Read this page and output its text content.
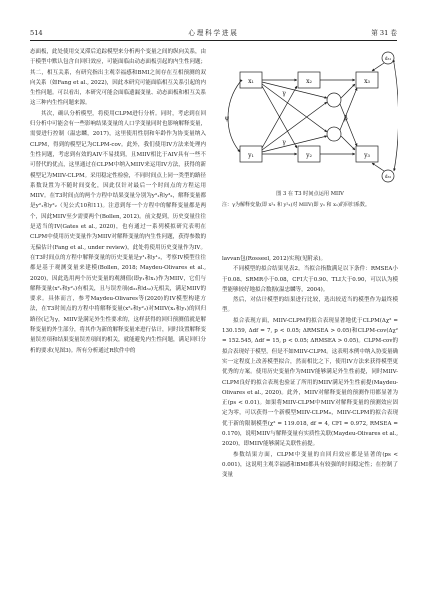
514	心理科学进展	第 31 卷

态面板，此处使用交叉滞后追踪模型来分析两个变量之间的纵向关系，由于模型中默认包含自回归效应，可能面临由动态面板引起的内生性问题；其二，相互关系，有研究指出主观幸福感和BMI之间存在互相预测的双向关系（如Fang et al., 2022)，因此本研究可能面临相互关系引起的内生性问题。可以看出，本研究可能会面临遗漏变量、动态面板和相互关系这三种内生性问题来源。

其次，确认分析模型，将使用CLPM进行分析。同时，考虑到在回归分析中可能会有一些影响结果变量的人口学变量同时也影响解释变量，需要进行控制（温忠麟，2017)，这里使用性别和年龄作为协变量纳入CLPM，得到的模型记为CLPM-cov。此外，我们使用IV方法来处理内生性问题，考虑到有效的AIV不易找到，且MIIV相比于AIV具有一些不可替代的优点，这里通过在CLPM中纳入MIIV来运用IV方法，获得的新模型记为MIIV-CLPM。采用稳定性检验，不同时间点上同一类型的路径系数设置为不随时间变化，因此仅针对最后一个时间点的方程运用MIIV。在T3时间点的两个方程中结果变量分别为y³₁和y³₂，解释变量都是y²₁和y²₂（见公式10和11)。注意到每一个方程中的解释变量都是两个，因此MIIV至少需要两个(Bollen, 2012)。前文提到，历史变量往往是适当的IV(Gates et al., 2020)，也有通过一系列模拟研究表明在CLPM中使用历史变量作为MIIV对解释变量的内生性问题，获得参数的无偏估计(Fang et al., under review)，此处将使用历史变量作为IV。在T3时间点的方程中解释变量的历史变量是y¹₁和y¹₂，考察IV模型往往都是基于观测变量来建模(Bollen, 2018; Maydeu-Olivares et al., 2020)，因此选用两个历史变量的观测值(即y₁和x₁)作为MIIV，它们与解释变量(x²₁和y²₁)有相关，且与误差项(d₃₁和d₃₂)无相关，满足MIIV的要求。具体而言，参考Maydeu-Olivares等(2020)的IV模型构建方法，在T3时间点的方程中将解释变量(x²₂和y²₂)对MIIV(x₁和y₁)的回归路径(记为γ，MIIV是满足外生性要求的，这样获得的回归预测值就是解释变量的外生部分，将其作为新的解释变量来进行估计，同时设置解释变量误差项和结果变量误差项间的相关，就能避免内生性问题，满足回归分析的要求(见图3)。所有分析通过R软件中的

x₁	x₂	x₃
y₁	y₂	y₃
ψ
γ
γ
β
d₃₁
d₃₂
图 3 在 T3 时间点运用 MIIV
注：γ为解释变量(即 x²₂ 和 y²₂)对 MIIV(即 y₁ 和 x₁)的回归系数。

lavvan包(Rosseel, 2012)实现(见附录)。

不同模型的拟合结果见表2。当拟合指数满足以下条件：RMSEA小于0.08、SRMR小于0.08，CFI大于0.90、TLI大于0.90，可以认为模型能够较好地拟合数据(温忠麟等，2004)。

然后，对估计模型的结果进行比较，选出较适当的模型作为最终模型。

拟合表现方面，MIIV-CLPM的拟合表现显著地优于CLPM(Δχ² = 130.159, Δdf = 7, p < 0.05; ΔRMSEA > 0.05)和CLPM-cov(Δχ² = 152.545, Δdf = 15, p < 0.05; ΔRMSEA > 0.05)。CLPM-cov的拟合表现好于模型，但是不如MIIV-CLPM。这表明本例中纳入协变量确实一定程度上改善模型拟合，然而相比之下，使用IV方法来获得模型更优秀的方案。使用历史变量作为MIIV能够满足外生性前提，同时MIIV-CLPM良好的拟合表现也验证了所用的MIIV满足外生性前提(Maydeu-Olivares et al., 2020)。此外，MIIV对解释变量的预测作用都显著为正(ps < 0.01)。如果将MIIV-CLPM中MIIV对解释变量的预测效应固定为零，可以获得一个新模型MIIV-CLPM₀，MIIV-CLPM的拟合表现优于新的限制模型(χ² = 119.018, df = 4, CFI = 0.972, RMSEA = 0.170)，说明MIIV与解释变量有实质性关联(Maydeu-Olivares et al., 2020)，即MIIV能够满足关联性前提。

参数结果方面，CLPM中变量的自回归效应都是显著的(ps < 0.001)，这说明主观幸福感和BMI都具有较强的时间稳定性；在控制了变量
